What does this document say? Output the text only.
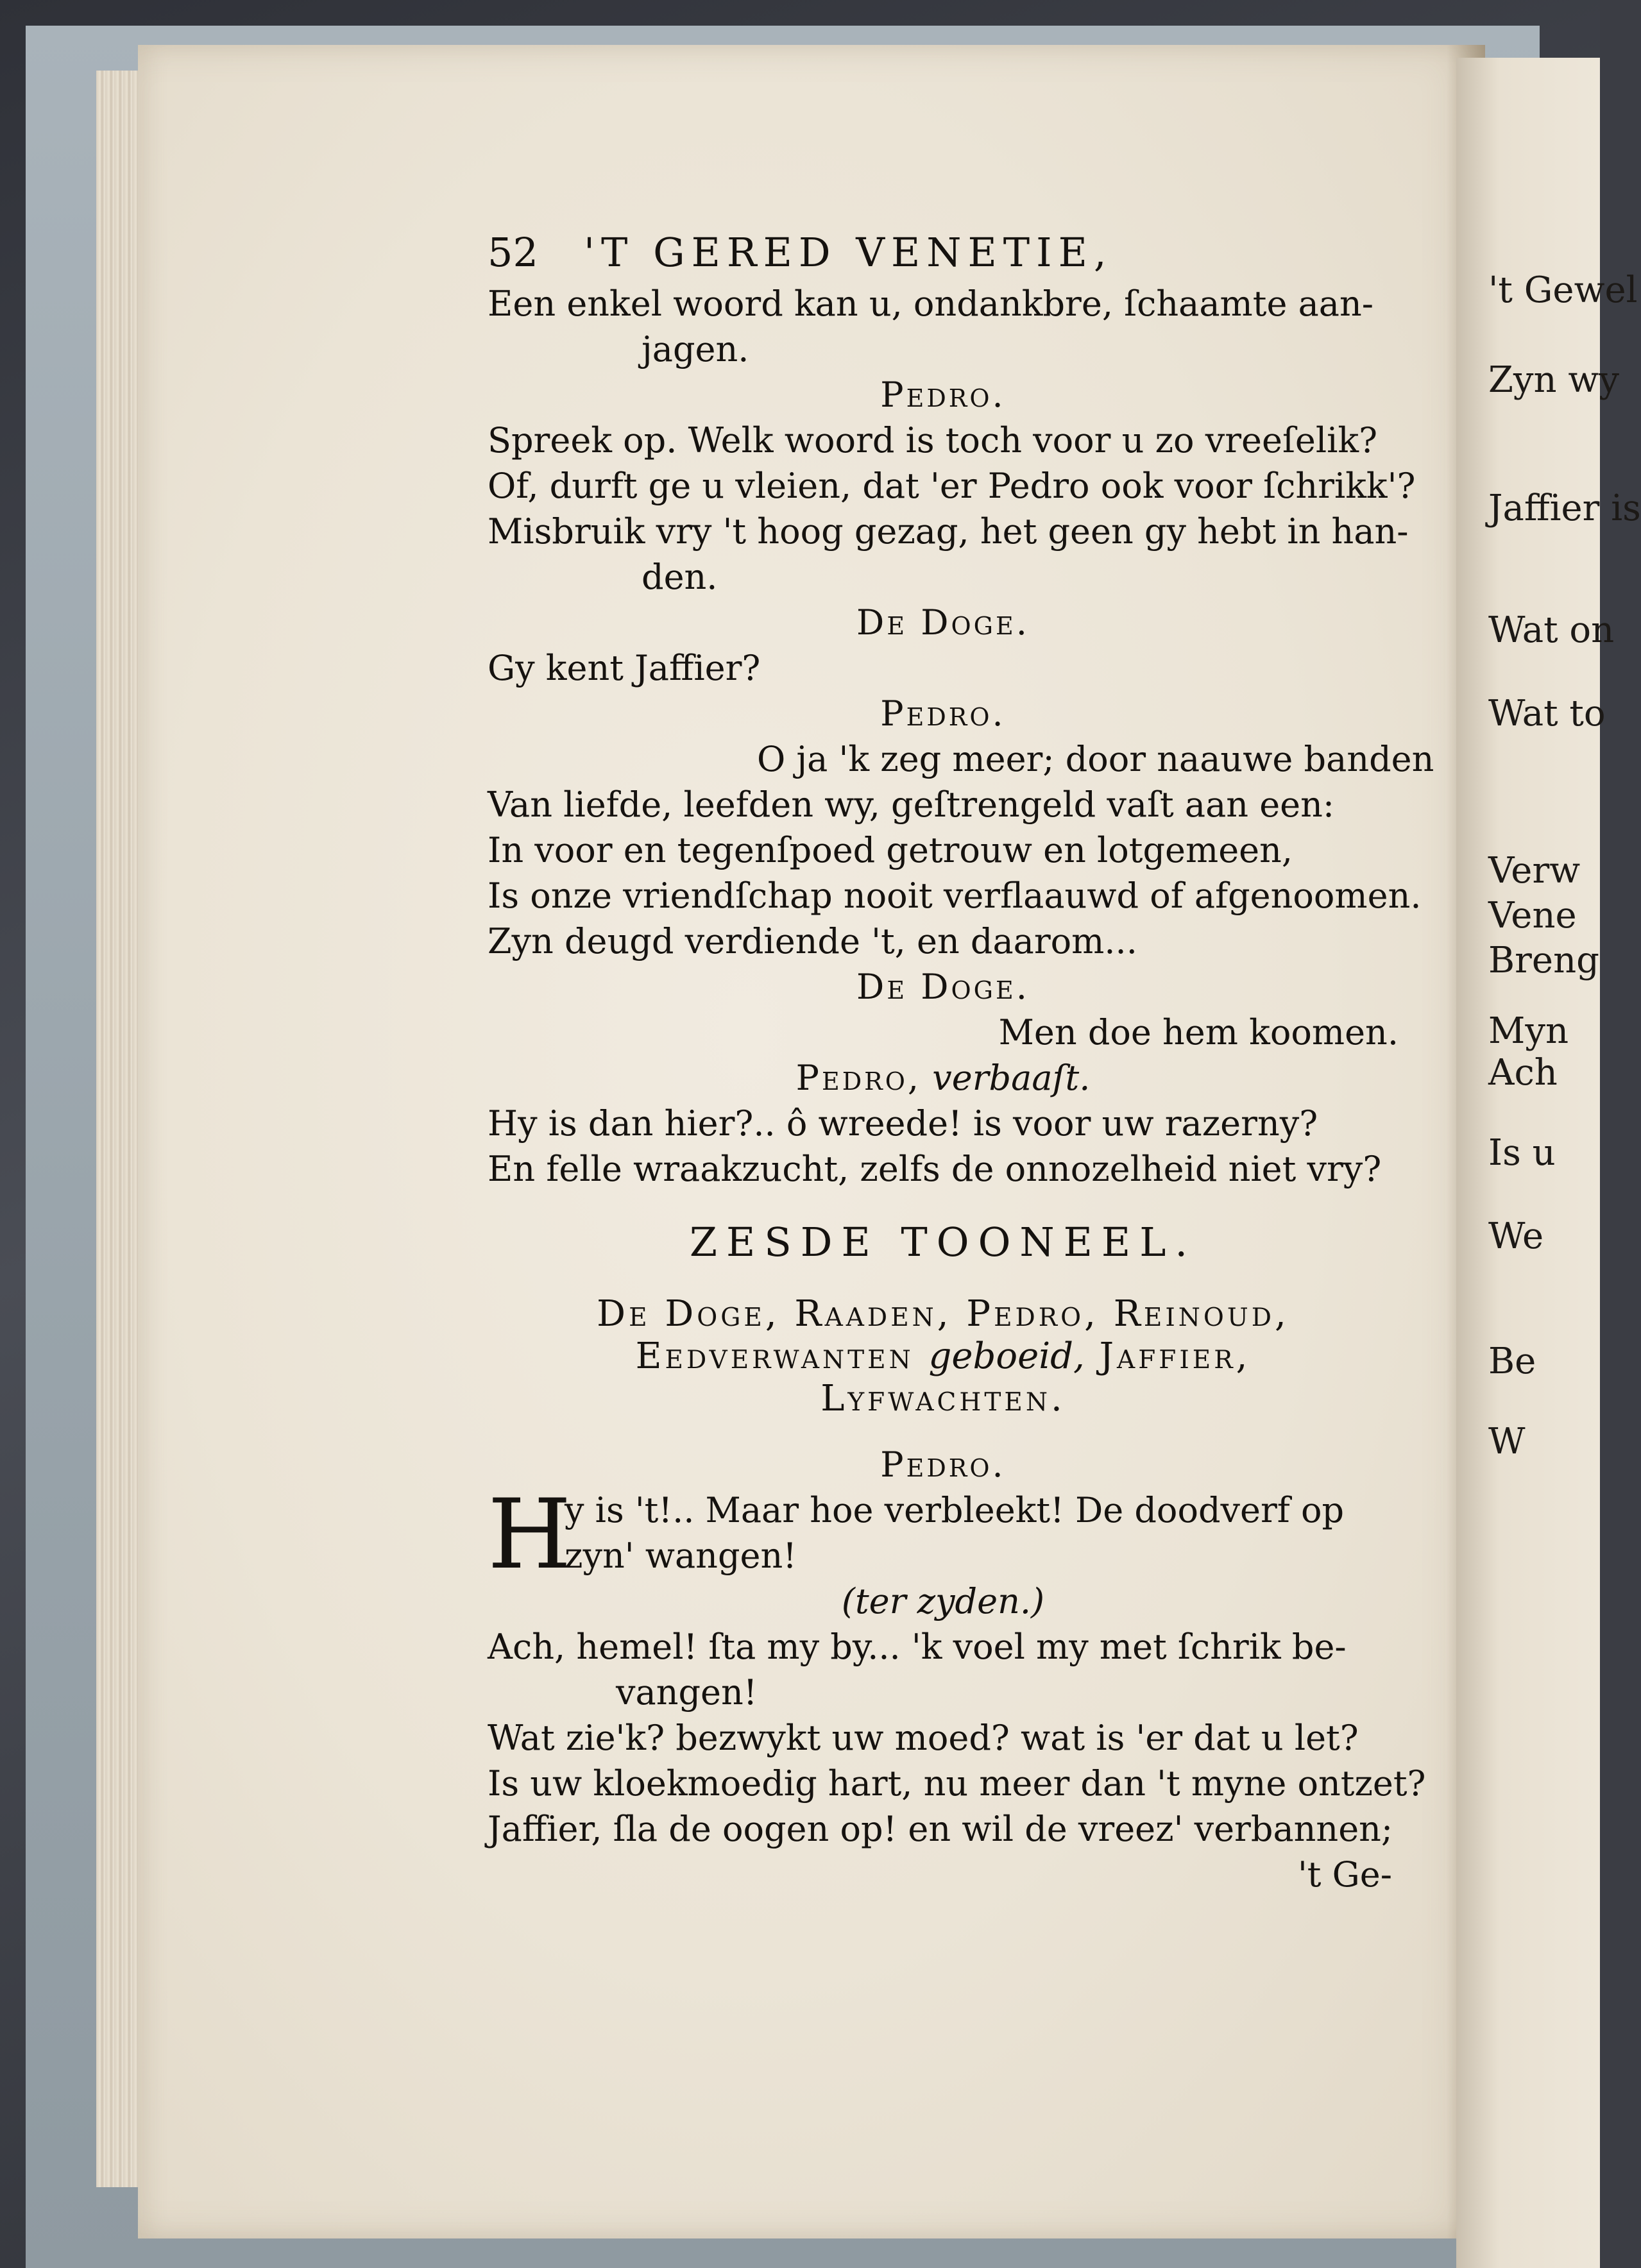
't Gewel
Zyn wy
Jaffier is
Wat on
Wat to
Verw
Vene
Breng
Myn
Ach
Is u
We
Be
W
52 'T GERED VENETIE,
Een enkel woord kan u, ondankbre, ſchaamte aan-
jagen.
Pedro.
Spreek op. Welk woord is toch voor u zo vreeſelik?
Of, durft ge u vleien, dat 'er Pedro ook voor ſchrikk'?
Misbruik vry 't hoog gezag, het geen gy hebt in han-
den.
De Doge.
Gy kent Jaffier?
Pedro.
O ja 'k zeg meer; door naauwe banden
Van liefde, leefden wy, geſtrengeld vaſt aan een:
In voor en tegenſpoed getrouw en lotgemeen,
Is onze vriendſchap nooit verflaauwd of afgenoomen.
Zyn deugd verdiende 't, en daarom...
De Doge.
Men doe hem koomen.
Pedro, verbaaſt.
Hy is dan hier?.. ô wreede! is voor uw razerny?
En felle wraakzucht, zelfs de onnozelheid niet vry?
ZESDE TOONEEL.
De Doge, Raaden, Pedro, Reinoud,
Eedverwanten geboeid, Jaffier,
Lyfwachten.
Pedro.
H
y is 't!.. Maar hoe verbleekt! De doodverf op
zyn' wangen!
(ter zyden.)
Ach, hemel! ſta my by... 'k voel my met ſchrik be-
vangen!
Wat zie'k? bezwykt uw moed? wat is 'er dat u let?
Is uw kloekmoedig hart, nu meer dan 't myne ontzet?
Jaffier, ſla de oogen op! en wil de vreez' verbannen;
't Ge-
